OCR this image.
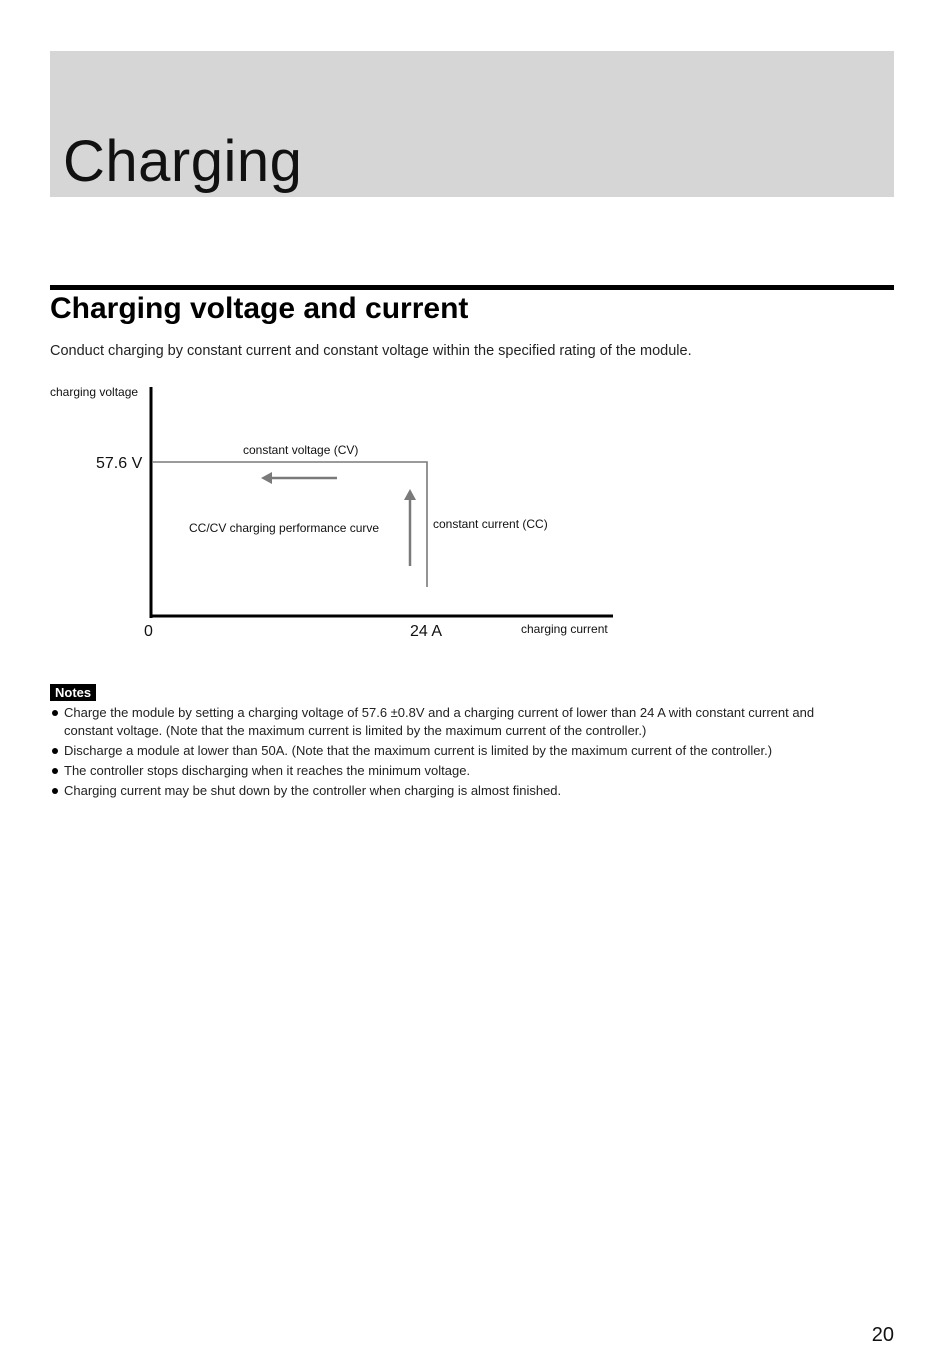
Charging
Charging voltage and current

Conduct charging by constant current and constant voltage within the specified rating of the module.

charging voltage
57.6 V
constant voltage (CV)
constant current (CC)
CC/CV charging performance curve
0	24 A	charging current
Notes
Charge the module by setting a charging voltage of 57.6 ±0.8V and a charging current of lower than 24 A with constant current and constant voltage. (Note that the maximum current is limited by the maximum current of the controller.)
Discharge a module at lower than 50A. (Note that the maximum current is limited by the maximum current of the controller.)
The controller stops discharging when it reaches the minimum voltage.
Charging current may be shut down by the controller when charging is almost finished.
20
